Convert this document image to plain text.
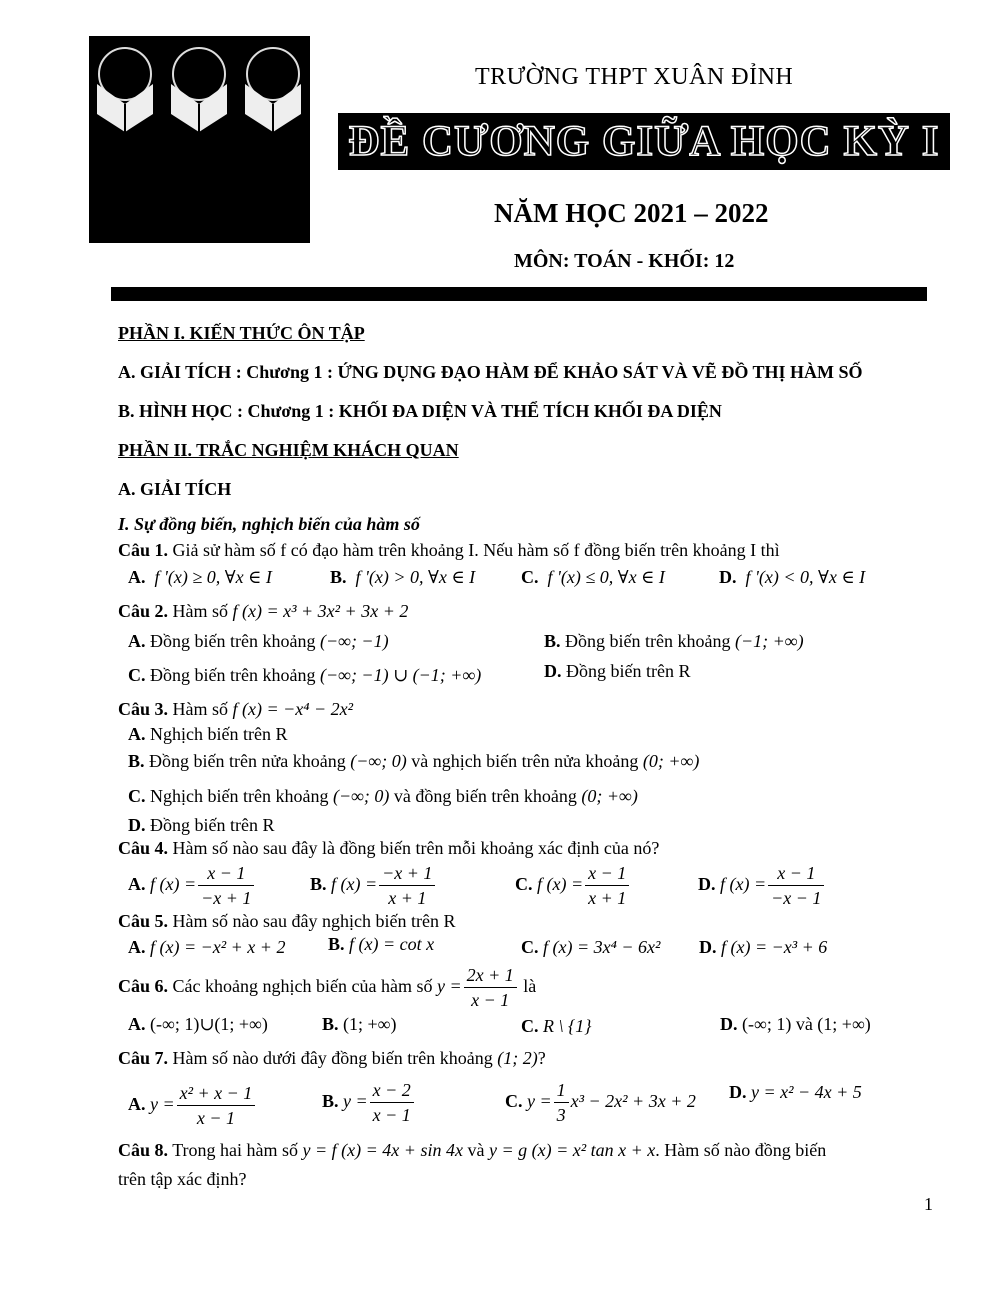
TRƯỜNG THPT XUÂN ĐỈNH
ĐỀ CƯƠNG GIỮA HỌC KỲ I
NĂM HỌC 2021 – 2022
MÔN: TOÁN - KHỐI: 12
PHẦN I. KIẾN THỨC ÔN TẬP
A. GIẢI TÍCH : Chương 1 : ỨNG DỤNG ĐẠO HÀM ĐỂ KHẢO SÁT VÀ VẼ ĐỒ THỊ HÀM SỐ
B. HÌNH HỌC : Chương 1 : KHỐI ĐA DIỆN VÀ THỂ TÍCH KHỐI ĐA DIỆN
PHẦN II. TRẮC NGHIỆM KHÁCH QUAN
A. GIẢI TÍCH
I. Sự đồng biến, nghịch biến của hàm số
Câu 1. Giả sử hàm số f có đạo hàm trên khoảng I. Nếu hàm số f đồng biến trên khoảng I thì
A. f '(x) ≥ 0, ∀x ∈ I	B. f '(x) > 0, ∀x ∈ I	C. f '(x) ≤ 0, ∀x ∈ I	D. f '(x) < 0, ∀x ∈ I
Câu 2. Hàm số f (x) = x³ + 3x² + 3x + 2
A. Đồng biến trên khoảng (−∞; −1)	B. Đồng biến trên khoảng (−1; +∞)
C. Đồng biến trên khoảng (−∞; −1) ∪ (−1; +∞)	D. Đồng biến trên R
Câu 3. Hàm số f (x) = −x⁴ − 2x²
A. Nghịch biến trên R
B. Đồng biến trên nửa khoảng (−∞; 0) và nghịch biến trên nửa khoảng (0; +∞)
C. Nghịch biến trên khoảng (−∞; 0) và đồng biến trên khoảng (0; +∞)
D. Đồng biến trên R
Câu 4. Hàm số nào sau đây là đồng biến trên mỗi khoảng xác định của nó?
A. f $(x) = \frac{x - 1}{-x + 1}$	B. f $(x) = \frac{-x + 1}{x + 1}$	C. f $(x) = \frac{x - 1}{x + 1}$	D. f $(x) = \frac{x - 1}{-x - 1}$
Câu 5. Hàm số nào sau đây nghịch biến trên R
A. f (x) = −x² + x + 2 B. f (x) = cot x	C. f (x) = 3x⁴ − 6x² D. f (x) = −x³ + 6
Câu 6. Các khoảng nghịch biến của hàm số $y = \frac{2x + 1}{x - 1}$ là
A. (-∞; 1)∪(1; +∞)	B. (1; +∞)	C. R \ {1}	D. (-∞; 1) và (1; +∞)
Câu 7. Hàm số nào dưới đây đồng biến trên khoảng (1; 2)?
A. $y = \frac{\text{x² + x − 1}}{x - 1}$	B. $y = \frac{x - 2}{x - 1}$	C. $y = \frac{1}{3} x^3 - 2x^2 + 3x + 2$ D. y = x² − 4x + 5
Câu 8. Trong hai hàm số y = f (x) = 4x + sin 4x và y = g (x) = x² tan x + x. Hàm số nào đồng biến
trên tập xác định?
1
